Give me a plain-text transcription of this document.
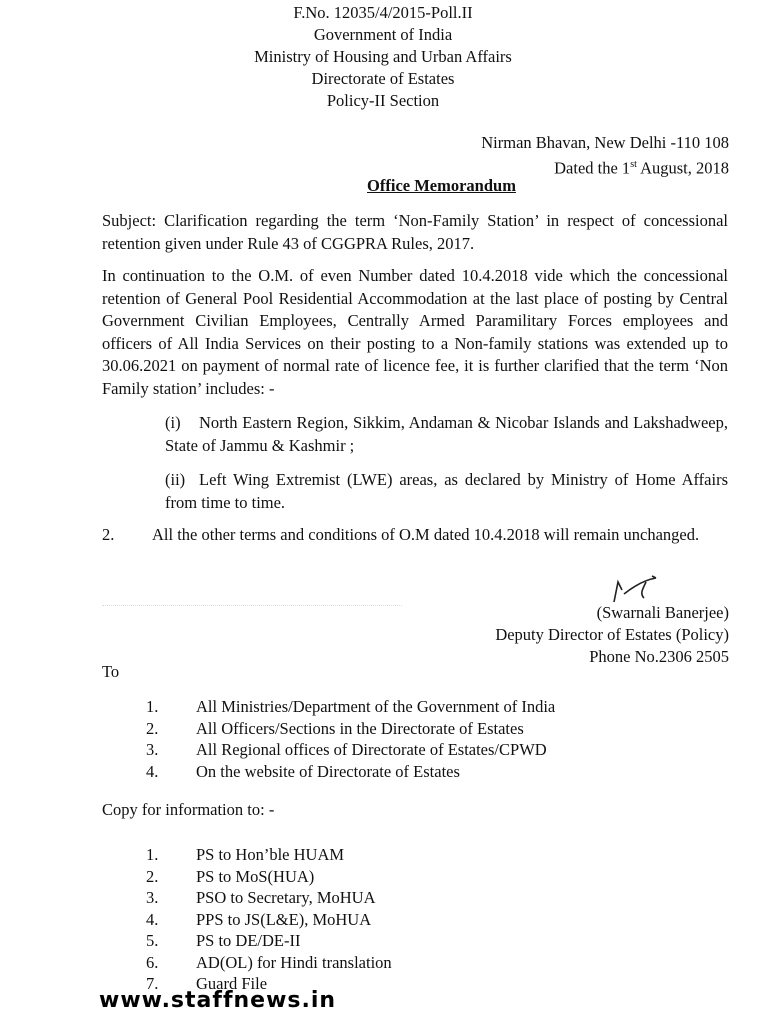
F.No. 12035/4/2015-Poll.II
Government of India
Ministry of Housing and Urban Affairs
Directorate of Estates
Policy-II Section
Nirman Bhavan, New Delhi -110 108
Dated the 1st August, 2018
Office Memorandum
Subject: Clarification regarding the term ‘Non-Family Station’ in respect of concessional retention given under Rule 43 of CGGPRA Rules, 2017.
In continuation to the O.M. of even Number dated 10.4.2018 vide which the concessional retention of General Pool Residential Accommodation at the last place of posting by Central Government Civilian Employees, Centrally Armed Paramilitary Forces employees and officers of All India Services on their posting to a Non-family stations was extended up to 30.06.2021 on payment of normal rate of licence fee, it is further clarified that the term ‘Non Family station’ includes: -
(i) North Eastern Region, Sikkim, Andaman & Nicobar Islands and Lakshadweep, State of Jammu & Kashmir ;
(ii) Left Wing Extremist (LWE) areas, as declared by Ministry of Home Affairs from time to time.
2. All the other terms and conditions of O.M dated 10.4.2018 will remain unchanged.
(Swarnali Banerjee)
Deputy Director of Estates (Policy)
Phone No.2306 2505
To
1.	All Ministries/Department of the Government of India
2.	All Officers/Sections in the Directorate of Estates
3.	All Regional offices of Directorate of Estates/CPWD
4.	On the website of Directorate of Estates
Copy for information to: -
1.	PS to Hon’ble HUAM
2.	PS to MoS(HUA)
3.	PSO to Secretary, MoHUA
4.	PPS to JS(L&E), MoHUA
5.	PS to DE/DE-II
6.	AD(OL) for Hindi translation
7.	Guard File
www.staffnews.in
